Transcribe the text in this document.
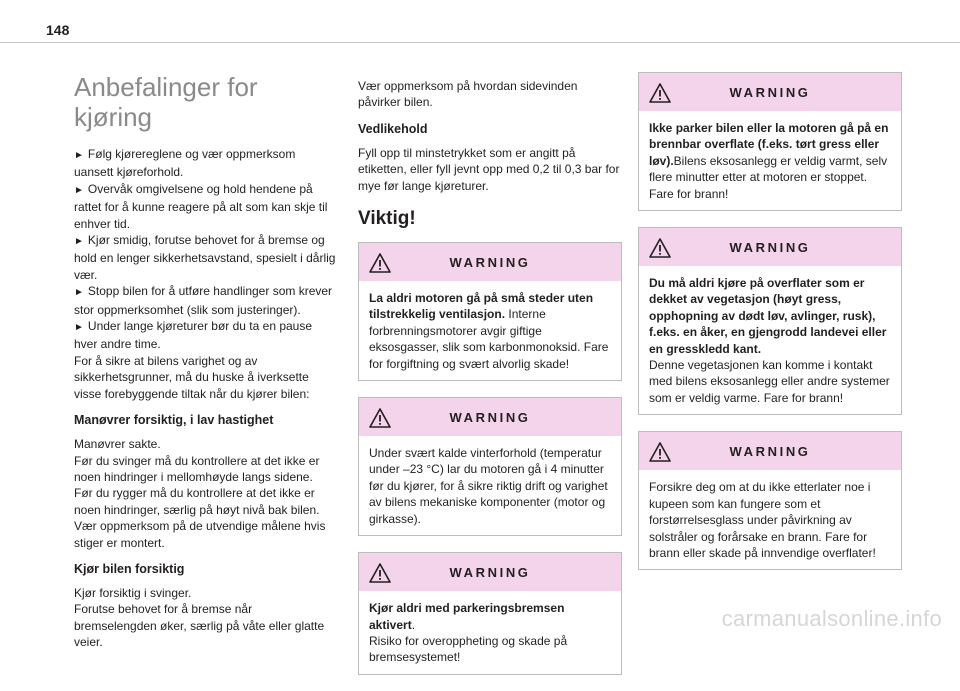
148
Anbefalinger for kjøring

► Følg kjørereglene og vær oppmerksom uansett kjøreforhold.

► Overvåk omgivelsene og hold hendene på rattet for å kunne reagere på alt som kan skje til enhver tid.

► Kjør smidig, forutse behovet for å bremse og hold en lenger sikkerhetsavstand, spesielt i dårlig vær.

► Stopp bilen for å utføre handlinger som krever stor oppmerksomhet (slik som justeringer).

► Under lange kjøreturer bør du ta en pause hver andre time.

For å sikre at bilens varighet og av sikkerhetsgrunner, må du huske å iverksette visse forebyggende tiltak når du kjører bilen:

Manøvrer forsiktig, i lav hastighet

Manøvrer sakte.
Før du svinger må du kontrollere at det ikke er noen hindringer i mellomhøyde langs sidene.
Før du rygger må du kontrollere at det ikke er noen hindringer, særlig på høyt nivå bak bilen.
Vær oppmerksom på de utvendige målene hvis stiger er montert.

Kjør bilen forsiktig

Kjør forsiktig i svinger.
Forutse behovet for å bremse når bremselengden øker, særlig på våte eller glatte veier.

Vær oppmerksom på hvordan sidevinden påvirker bilen.

Vedlikehold

Fyll opp til minstetrykket som er angitt på etiketten, eller fyll jevnt opp med 0,2 til 0,3 bar for mye før lange kjøreturer.

Viktig!
WARNING
La aldri motoren gå på små steder uten tilstrekkelig ventilasjon. Interne forbrenningsmotorer avgir giftige eksosgasser, slik som karbonmonoksid. Fare for forgiftning og svært alvorlig skade!
WARNING
Under svært kalde vinterforhold (temperatur under –23 °C) lar du motoren gå i 4 minutter før du kjører, for å sikre riktig drift og varighet av bilens mekaniske komponenter (motor og girkasse).
WARNING
Kjør aldri med parkeringsbremsen aktivert.
Risiko for overoppheting og skade på bremsesystemet!
WARNING
Ikke parker bilen eller la motoren gå på en brennbar overflate (f.eks. tørt gress eller løv).Bilens eksosanlegg er veldig varmt, selv flere minutter etter at motoren er stoppet.
Fare for brann!
WARNING
Du må aldri kjøre på overflater som er dekket av vegetasjon (høyt gress, opphopning av dødt løv, avlinger, rusk), f.eks. en åker, en gjengrodd landevei eller en gresskledd kant.
Denne vegetasjonen kan komme i kontakt med bilens eksosanlegg eller andre systemer som er veldig varme. Fare for brann!
WARNING
Forsikre deg om at du ikke etterlater noe i kupeen som kan fungere som et forstørrelsesglass under påvirkning av solstråler og forårsake en brann. Fare for brann eller skade på innvendige overflater!
carmanualsonline.info
